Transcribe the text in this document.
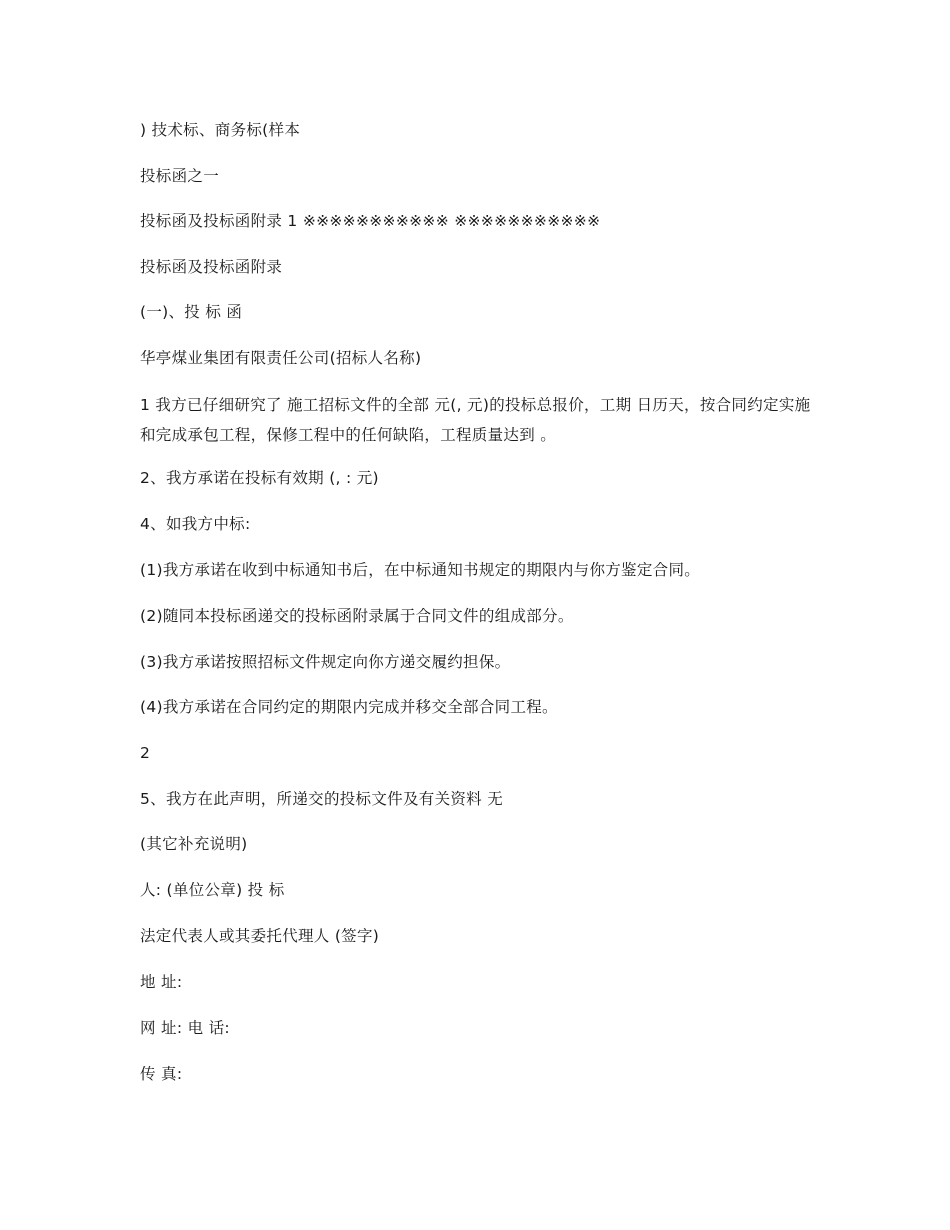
) 技术标、商务标(样本
投标函之一
投标函及投标函附录 1 ※※※※※※※※※※※ ※※※※※※※※※※※
投标函及投标函附录
(一)、投 标 函
华亭煤业集团有限责任公司(招标人名称)
1 我方已仔细研究了 施工招标文件的全部 元(, 元)的投标总报价，工期 日历天，按合同约定实施和完成承包工程，保修工程中的任何缺陷，工程质量达到 。
2、我方承诺在投标有效期 (, : 元)
4、如我方中标:
(1)我方承诺在收到中标通知书后，在中标通知书规定的期限内与你方鉴定合同。
(2)随同本投标函递交的投标函附录属于合同文件的组成部分。
(3)我方承诺按照招标文件规定向你方递交履约担保。
(4)我方承诺在合同约定的期限内完成并移交全部合同工程。
2
5、我方在此声明，所递交的投标文件及有关资料 无
(其它补充说明)
人: (单位公章) 投 标
法定代表人或其委托代理人 (签字)
地 址:
网 址: 电 话:
传 真:
